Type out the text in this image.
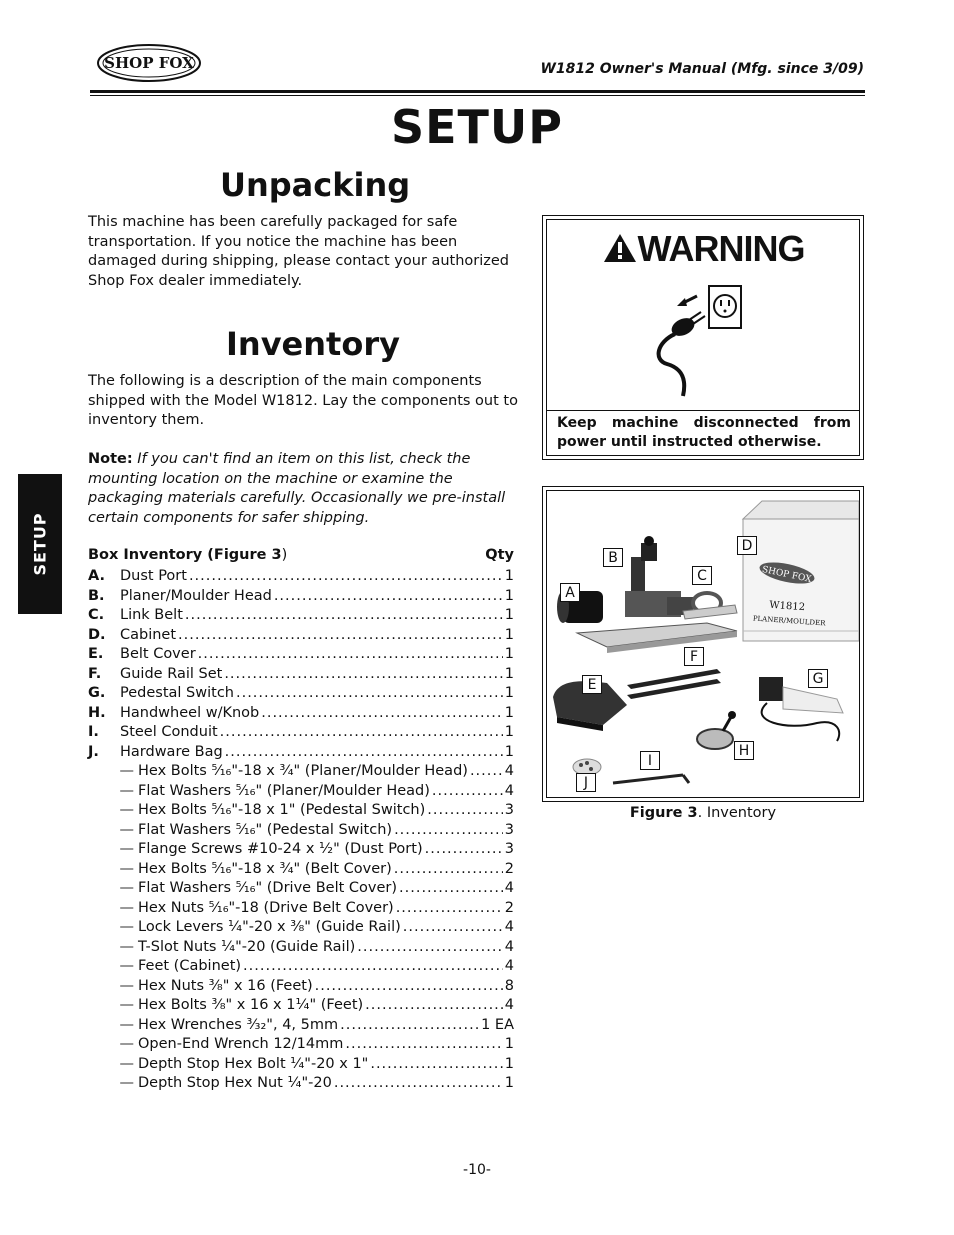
SHOP FOX	W1812 Owner's Manual (Mfg. since 3/09)
SETUP
SETUP
Unpacking
This machine has been carefully packaged for safe transportation. If you notice the machine has been damaged during shipping, please contact your authorized Shop Fox dealer immediately.
Inventory
The following is a description of the main components shipped with the Model W1812. Lay the components out to inventory them.
Note: If you can't find an item on this list, check the mounting location on the machine or examine the packaging materials carefully. Occasionally we pre-install certain components for safer shipping.
Box Inventory (Figure 3)	Qty
A.	Dust Port .....	1
B.	Planer/Moulder Head .....	1
C.	Link Belt .....	1
D. Cabinet .....	1
E.	Belt Cover .....	1
F.	Guide Rail Set .....	1
G.	Pedestal Switch .....	1
H. Handwheel w/Knob .....	1
I.	Steel Conduit .....	1
J.	Hardware Bag .....	1
— Hex Bolts ⁵⁄₁₆"-18 x ³⁄₄" (Planer/Moulder Head) .....	4
— Flat Washers ⁵⁄₁₆" (Planer/Moulder Head) .....	4
— Hex Bolts ⁵⁄₁₆"-18 x 1" (Pedestal Switch) .....	3
— Flat Washers ⁵⁄₁₆" (Pedestal Switch) .....	3
— Flange Screws #10-24 x ¹⁄₂" (Dust Port) .....	3
— Hex Bolts ⁵⁄₁₆"-18 x ³⁄₄" (Belt Cover) .....	2
— Flat Washers ⁵⁄₁₆" (Drive Belt Cover) .....	4
— Hex Nuts ⁵⁄₁₆"-18 (Drive Belt Cover) .....	2
— Lock Levers ¹⁄₄"-20 x ³⁄₈" (Guide Rail) .....	4
— T-Slot Nuts ¹⁄₄"-20 (Guide Rail) .....	4
— Feet (Cabinet) .....	4
— Hex Nuts ³⁄₈" x 16 (Feet) .....	8
— Hex Bolts ³⁄₈" x 16 x 1¹⁄₄" (Feet) .....	4
— Hex Wrenches ³⁄₃₂", 4, 5mm .....	1 EA
— Open-End Wrench 12/14mm .....	1
— Depth Stop Hex Bolt ¹⁄₄"-20 x 1" .....	1
— Depth Stop Hex Nut ¹⁄₄"-20 .....	1
WARNING
Keep machine disconnected from power until instructed otherwise.
SHOP FOX
W1812
PLANER/MOULDER
B
D
C
A
F
E	G
H
I
J
Figure 3. Inventory
-10-
